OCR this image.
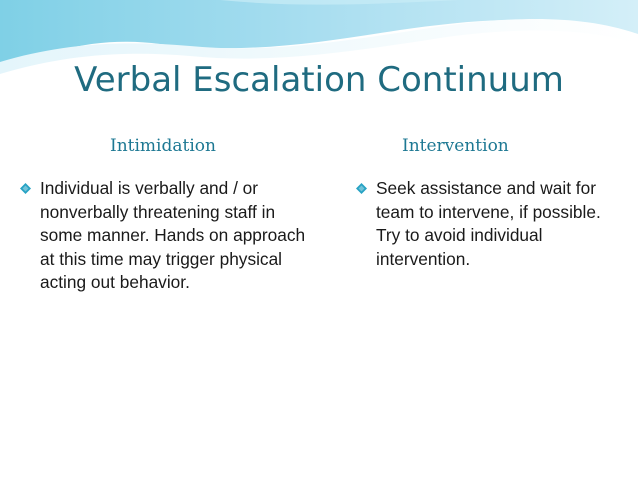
Verbal Escalation Continuum
Intimidation	Intervention
Individual is verbally and / or nonverbally threatening staff in some manner. Hands on approach at this time may trigger physical acting out behavior.
Seek assistance and wait for team to intervene, if possible. Try to avoid individual intervention.
